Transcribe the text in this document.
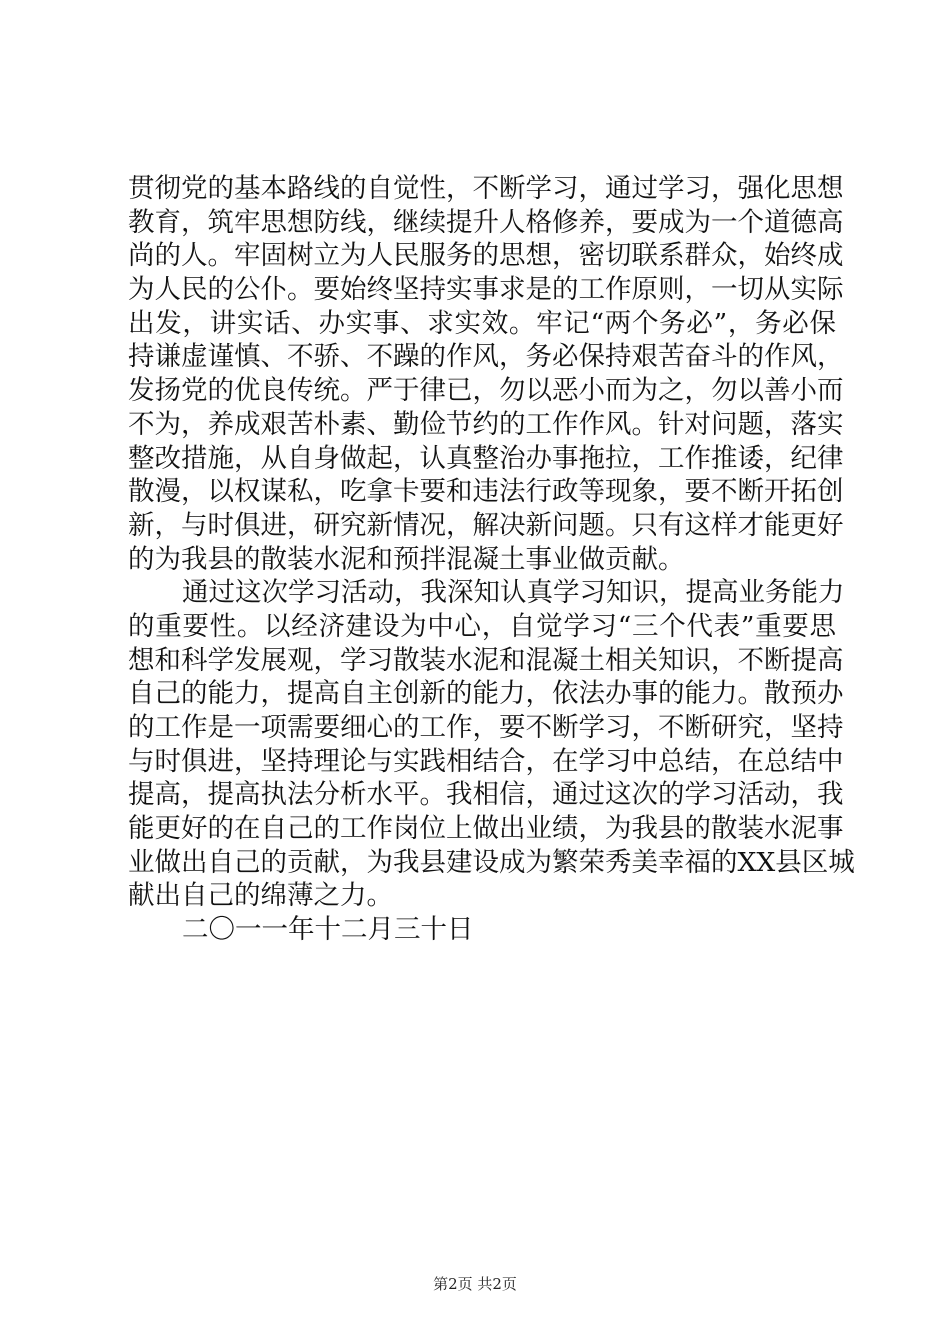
贯彻党的基本路线的自觉性，不断学习，通过学习，强化思想
教育，筑牢思想防线，继续提升人格修养，要成为一个道德高
尚的人。牢固树立为人民服务的思想，密切联系群众，始终成
为人民的公仆。要始终坚持实事求是的工作原则，一切从实际
出发，讲实话、办实事、求实效。牢记“两个务必”，务必保
持谦虚谨慎、不骄、不躁的作风，务必保持艰苦奋斗的作风，
发扬党的优良传统。严于律已，勿以恶小而为之，勿以善小而
不为，养成艰苦朴素、勤俭节约的工作作风。针对问题，落实
整改措施，从自身做起，认真整治办事拖拉，工作推诿，纪律
散漫，以权谋私，吃拿卡要和违法行政等现象，要不断开拓创
新，与时俱进，研究新情况，解决新问题。只有这样才能更好
的为我县的散装水泥和预拌混凝土事业做贡献。
通过这次学习活动，我深知认真学习知识，提高业务能力
的重要性。以经济建设为中心，自觉学习“三个代表”重要思
想和科学发展观，学习散装水泥和混凝土相关知识，不断提高
自己的能力，提高自主创新的能力，依法办事的能力。散预办
的工作是一项需要细心的工作，要不断学习，不断研究，坚持
与时俱进，坚持理论与实践相结合，在学习中总结，在总结中
提高，提高执法分析水平。我相信，通过这次的学习活动，我
能更好的在自己的工作岗位上做出业绩，为我县的散装水泥事
业做出自己的贡献，为我县建设成为繁荣秀美幸福的XX县区城
献出自己的绵薄之力。
二〇一一年十二月三十日
第2页 共2页
